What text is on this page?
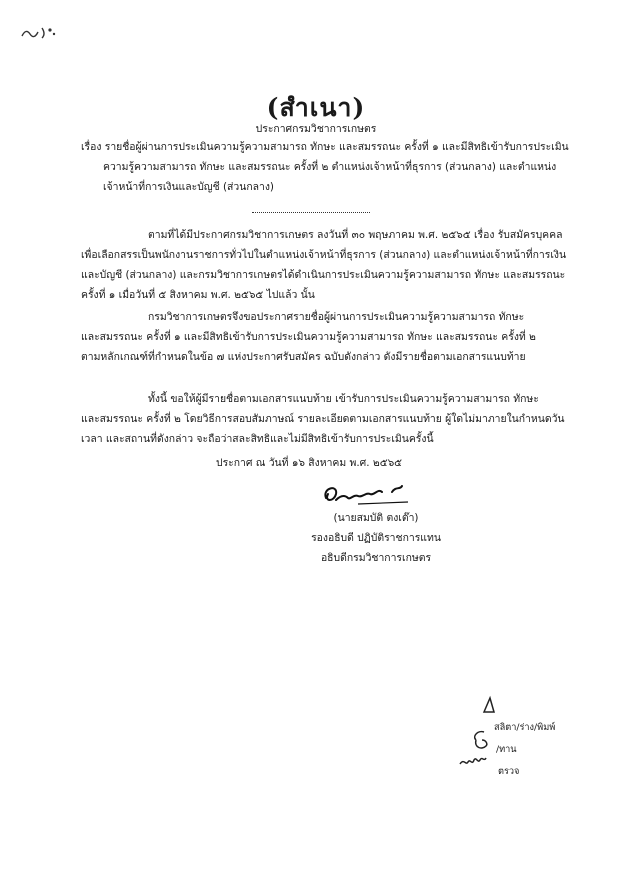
(สำเนา)
ประกาศกรมวิชาการเกษตร
เรื่อง รายชื่อผู้ผ่านการประเมินความรู้ความสามารถ ทักษะ และสมรรถนะ ครั้งที่ ๑ และมีสิทธิเข้ารับการประเมิน
ความรู้ความสามารถ ทักษะ และสมรรถนะ ครั้งที่ ๒ ตำแหน่งเจ้าหน้าที่ธุรการ (ส่วนกลาง) และตำแหน่ง
เจ้าหน้าที่การเงินและบัญชี (ส่วนกลาง)
ตามที่ได้มีประกาศกรมวิชาการเกษตร ลงวันที่ ๓๐ พฤษภาคม พ.ศ. ๒๕๖๕ เรื่อง รับสมัครบุคคล
เพื่อเลือกสรรเป็นพนักงานราชการทั่วไปในตำแหน่งเจ้าหน้าที่ธุรการ (ส่วนกลาง) และตำแหน่งเจ้าหน้าที่การเงิน
และบัญชี (ส่วนกลาง) และกรมวิชาการเกษตรได้ดำเนินการประเมินความรู้ความสามารถ ทักษะ และสมรรถนะ
ครั้งที่ ๑ เมื่อวันที่ ๕ สิงหาคม พ.ศ. ๒๕๖๕ ไปแล้ว นั้น
กรมวิชาการเกษตรจึงขอประกาศรายชื่อผู้ผ่านการประเมินความรู้ความสามารถ ทักษะ
และสมรรถนะ ครั้งที่ ๑ และมีสิทธิเข้ารับการประเมินความรู้ความสามารถ ทักษะ และสมรรถนะ ครั้งที่ ๒
ตามหลักเกณฑ์ที่กำหนดในข้อ ๗ แห่งประกาศรับสมัคร ฉบับดังกล่าว ดังมีรายชื่อตามเอกสารแนบท้าย
ทั้งนี้ ขอให้ผู้มีรายชื่อตามเอกสารแนบท้าย เข้ารับการประเมินความรู้ความสามารถ ทักษะ
และสมรรถนะ ครั้งที่ ๒ โดยวิธีการสอบสัมภาษณ์ รายละเอียดตามเอกสารแนบท้าย ผู้ใดไม่มาภายในกำหนดวัน
เวลา และสถานที่ดังกล่าว จะถือว่าสละสิทธิและไม่มีสิทธิเข้ารับการประเมินครั้งนี้
ประกาศ ณ วันที่ ๑๖ สิงหาคม พ.ศ. ๒๕๖๕
(นายสมบัติ ตงเต๊า)
รองอธิบดี ปฏิบัติราชการแทน
อธิบดีกรมวิชาการเกษตร
สลิตา/ร่าง/พิมพ์
/ทาน
ตรวจ
